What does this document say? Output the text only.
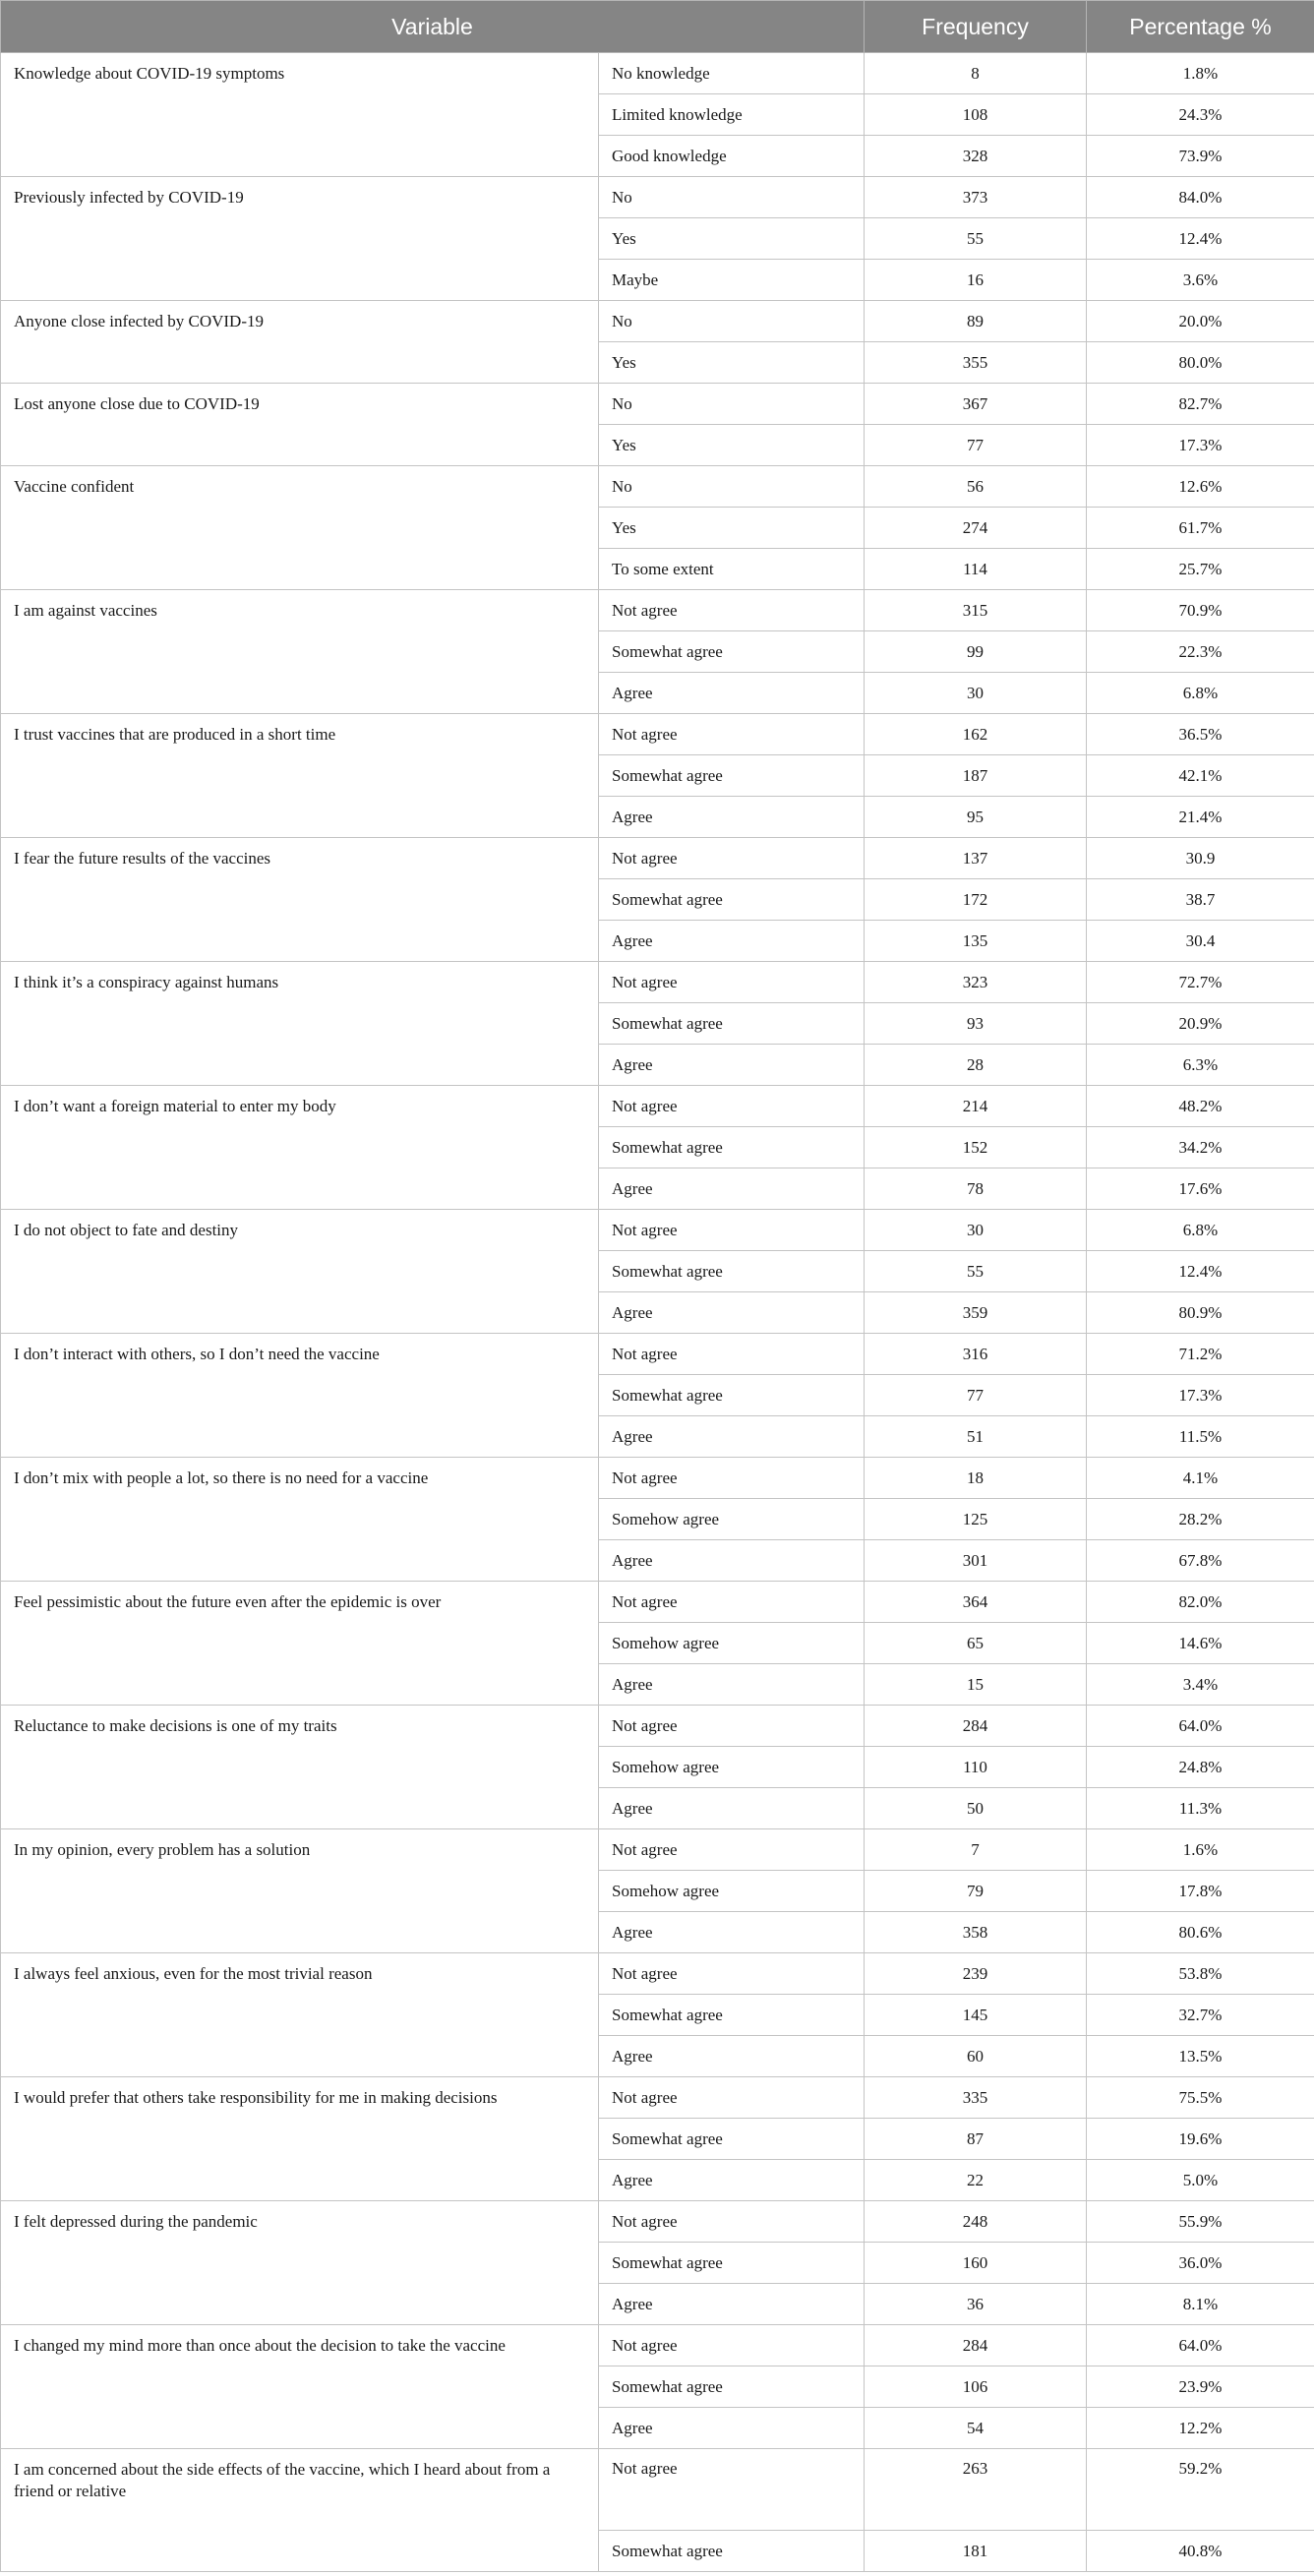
Variable		Frequency	Percentage %
Knowledge about COVID-19 symptoms	No knowledge	8	1.8%
	Limited knowledge	108	24.3%
	Good knowledge	328	73.9%
Previously infected by COVID-19	No	373	84.0%
	Yes	55	12.4%
	Maybe	16	3.6%
Anyone close infected by COVID-19	No	89	20.0%
	Yes	355	80.0%
Lost anyone close due to COVID-19	No	367	82.7%
	Yes	77	17.3%
Vaccine confident	No	56	12.6%
	Yes	274	61.7%
	To some extent	114	25.7%
I am against vaccines	Not agree	315	70.9%
	Somewhat agree	99	22.3%
	Agree	30	6.8%
I trust vaccines that are produced in a short time	Not agree	162	36.5%
	Somewhat agree	187	42.1%
	Agree	95	21.4%
I fear the future results of the vaccines	Not agree	137	30.9
	Somewhat agree	172	38.7
	Agree	135	30.4
I think it’s a conspiracy against humans	Not agree	323	72.7%
	Somewhat agree	93	20.9%
	Agree	28	6.3%
I don’t want a foreign material to enter my body	Not agree	214	48.2%
	Somewhat agree	152	34.2%
	Agree	78	17.6%
I do not object to fate and destiny	Not agree	30	6.8%
	Somewhat agree	55	12.4%
	Agree	359	80.9%
I don’t interact with others, so I don’t need the vaccine	Not agree	316	71.2%
	Somewhat agree	77	17.3%
	Agree	51	11.5%
I don’t mix with people a lot, so there is no need for a vaccine	Not agree	18	4.1%
	Somehow agree	125	28.2%
	Agree	301	67.8%
Feel pessimistic about the future even after the epidemic is over	Not agree	364	82.0%
	Somehow agree	65	14.6%
	Agree	15	3.4%
Reluctance to make decisions is one of my traits	Not agree	284	64.0%
	Somehow agree	110	24.8%
	Agree	50	11.3%
In my opinion, every problem has a solution	Not agree	7	1.6%
	Somehow agree	79	17.8%
	Agree	358	80.6%
I always feel anxious, even for the most trivial reason	Not agree	239	53.8%
	Somewhat agree	145	32.7%
	Agree	60	13.5%
I would prefer that others take responsibility for me in making decisions	Not agree	335	75.5%
	Somewhat agree	87	19.6%
	Agree	22	5.0%
I felt depressed during the pandemic	Not agree	248	55.9%
	Somewhat agree	160	36.0%
	Agree	36	8.1%
I changed my mind more than once about the decision to take the vaccine	Not agree	284	64.0%
	Somewhat agree	106	23.9%
	Agree	54	12.2%
I am concerned about the side effects of the vaccine, which I heard about from a friend or relative	Not agree	263	59.2%
	Somewhat agree	181	40.8%
